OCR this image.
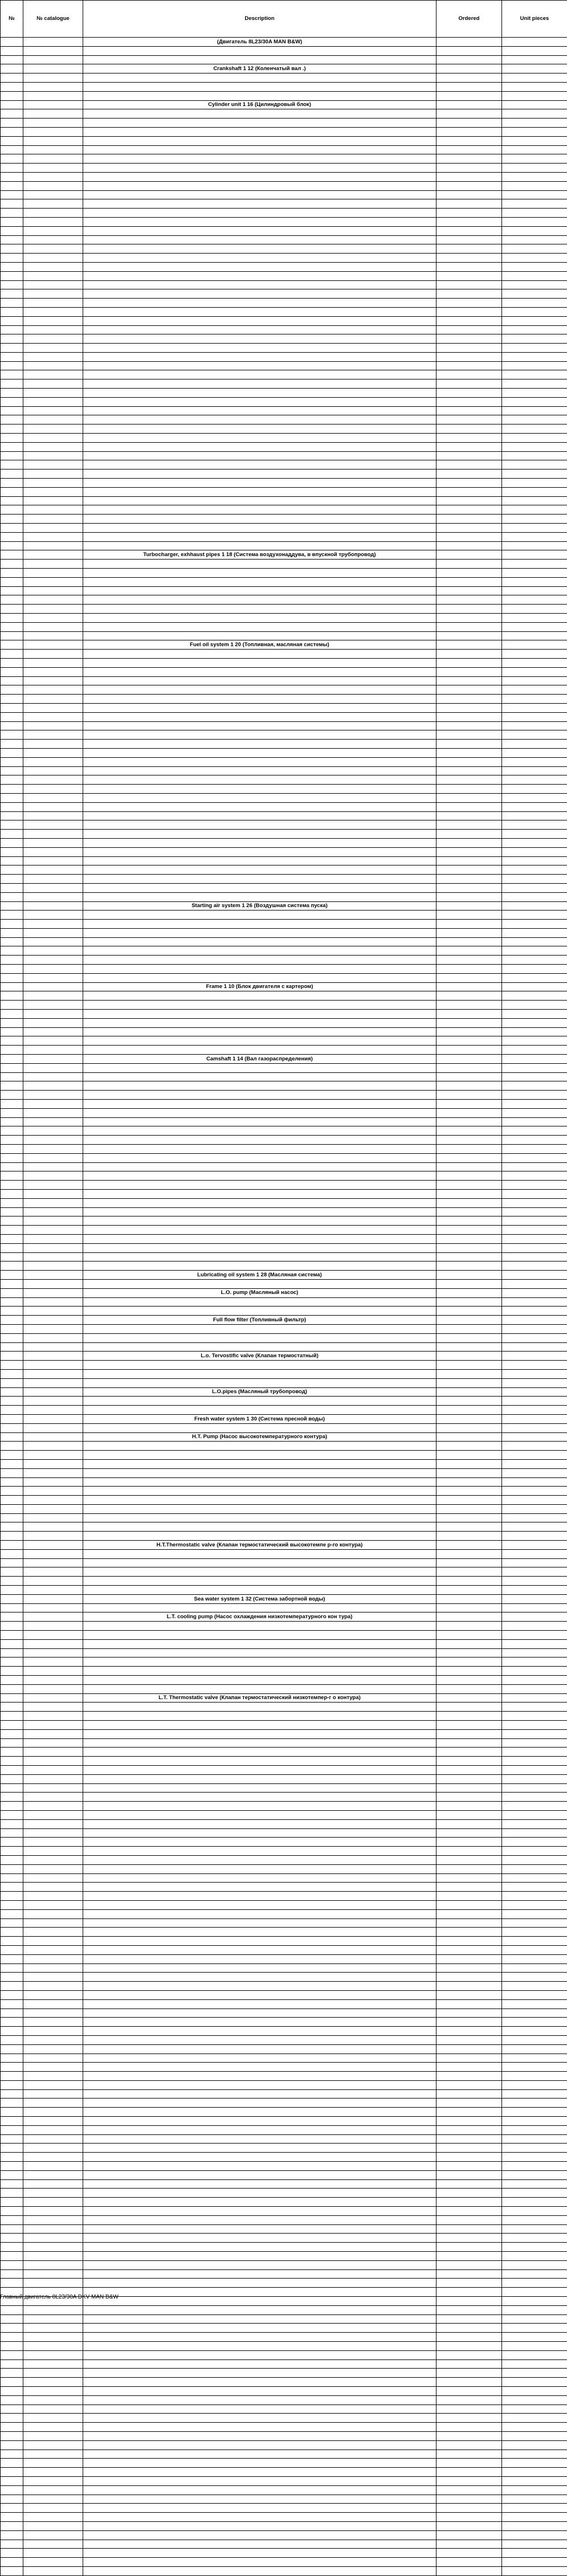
№	№ catalogue	Description	Ordered	Unit pieces
		(Двигатель 8L23/30A MAN B&W)		

		Crankshaft 1 12 (Коленчатый вал .)		

		Cylinder unit 1 16 (Цилиндровый блок)		

		Turbocharger, exhhaust pipes 1 18 (Система воздухонаддува, в впускной трубопровод)		

		Fuel oil system 1 20 (Топливная, масляная системы)		

		Starting air system 1 26 (Воздушная система пуска)		

		Frame 1 10 (Блок двигателя с картером)		

		Camshaft 1 14 (Вал газораспределения)		

		Lubricating oil system 1 28 (Масляная система)		

		L.O. pump (Масляный насос)		

		Full flow filter (Топливный фильтр)		

		L.o. Tervostific valve (Клапан термостатный)		

		L.O.pipes (Масляный трубопровод)		

		Fresh water system 1 30 (Система пресной воды)		

		H.T. Pump (Насос высокотемпературного контура)		

		H.T.Thermostatic valve (Клапан термостатический высокотемпе р-го контура)		

		Sea water system 1 32 (Система забортной воды)		

		L.T. cooling pump (Насос охлаждения низкотемпературного кон тура)		

		L.T. Thermostatic valve (Клапан термостатический низкотемпер-г о контура)		

Главный двигатель 8L23/30A DKV MAN B&W
